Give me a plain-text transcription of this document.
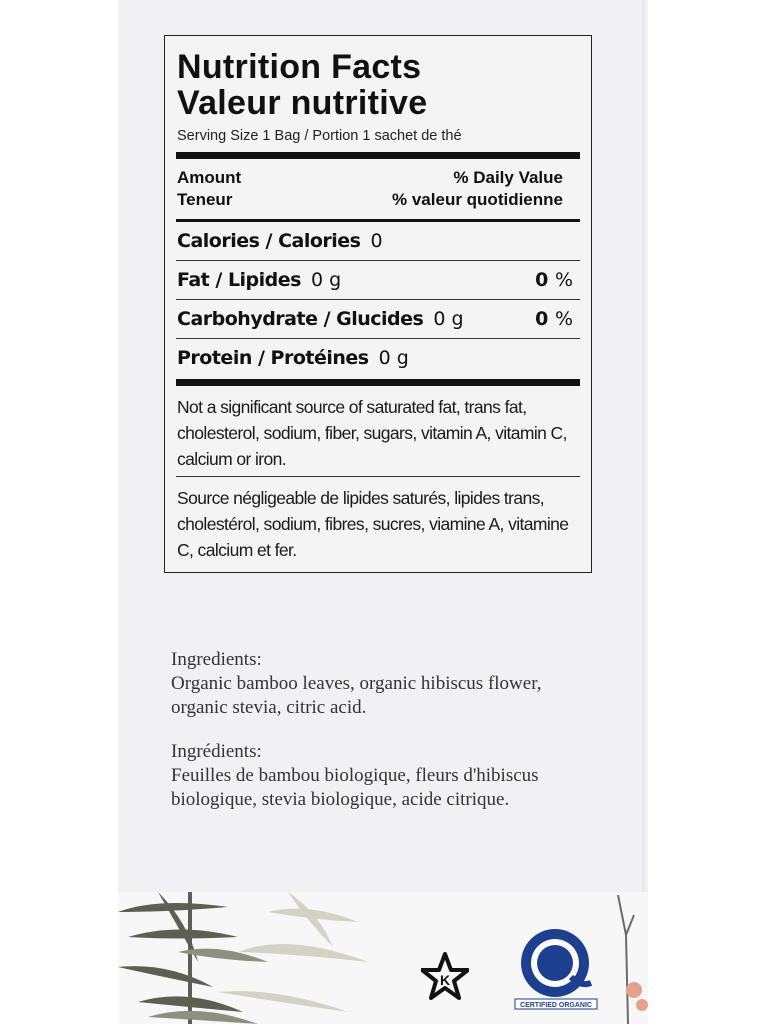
Nutrition Facts
Valeur nutritive
Serving Size 1 Bag / Portion 1 sachet de thé
Amount
Teneur
% Daily Value
% valeur quotidienne
Calories / Calories 0
Fat / Lipides 0 g	0 %
Carbohydrate / Glucides 0 g	0 %
Protein / Protéines 0 g
Not a significant source of saturated fat, trans fat, cholesterol, sodium, fiber, sugars, vitamin A, vitamin C, calcium or iron.
Source négligeable de lipides saturés, lipides trans, cholestérol, sodium, fibres, sucres, viamine A, vitamine C, calcium et fer.
Ingredients:
Organic bamboo leaves, organic hibiscus flower, organic stevia, citric acid.
Ingrédients:
Feuilles de bambou biologique, fleurs d'hibiscus biologique, stevia biologique, acide citrique.
K
CERTIFIED ORGANIC
